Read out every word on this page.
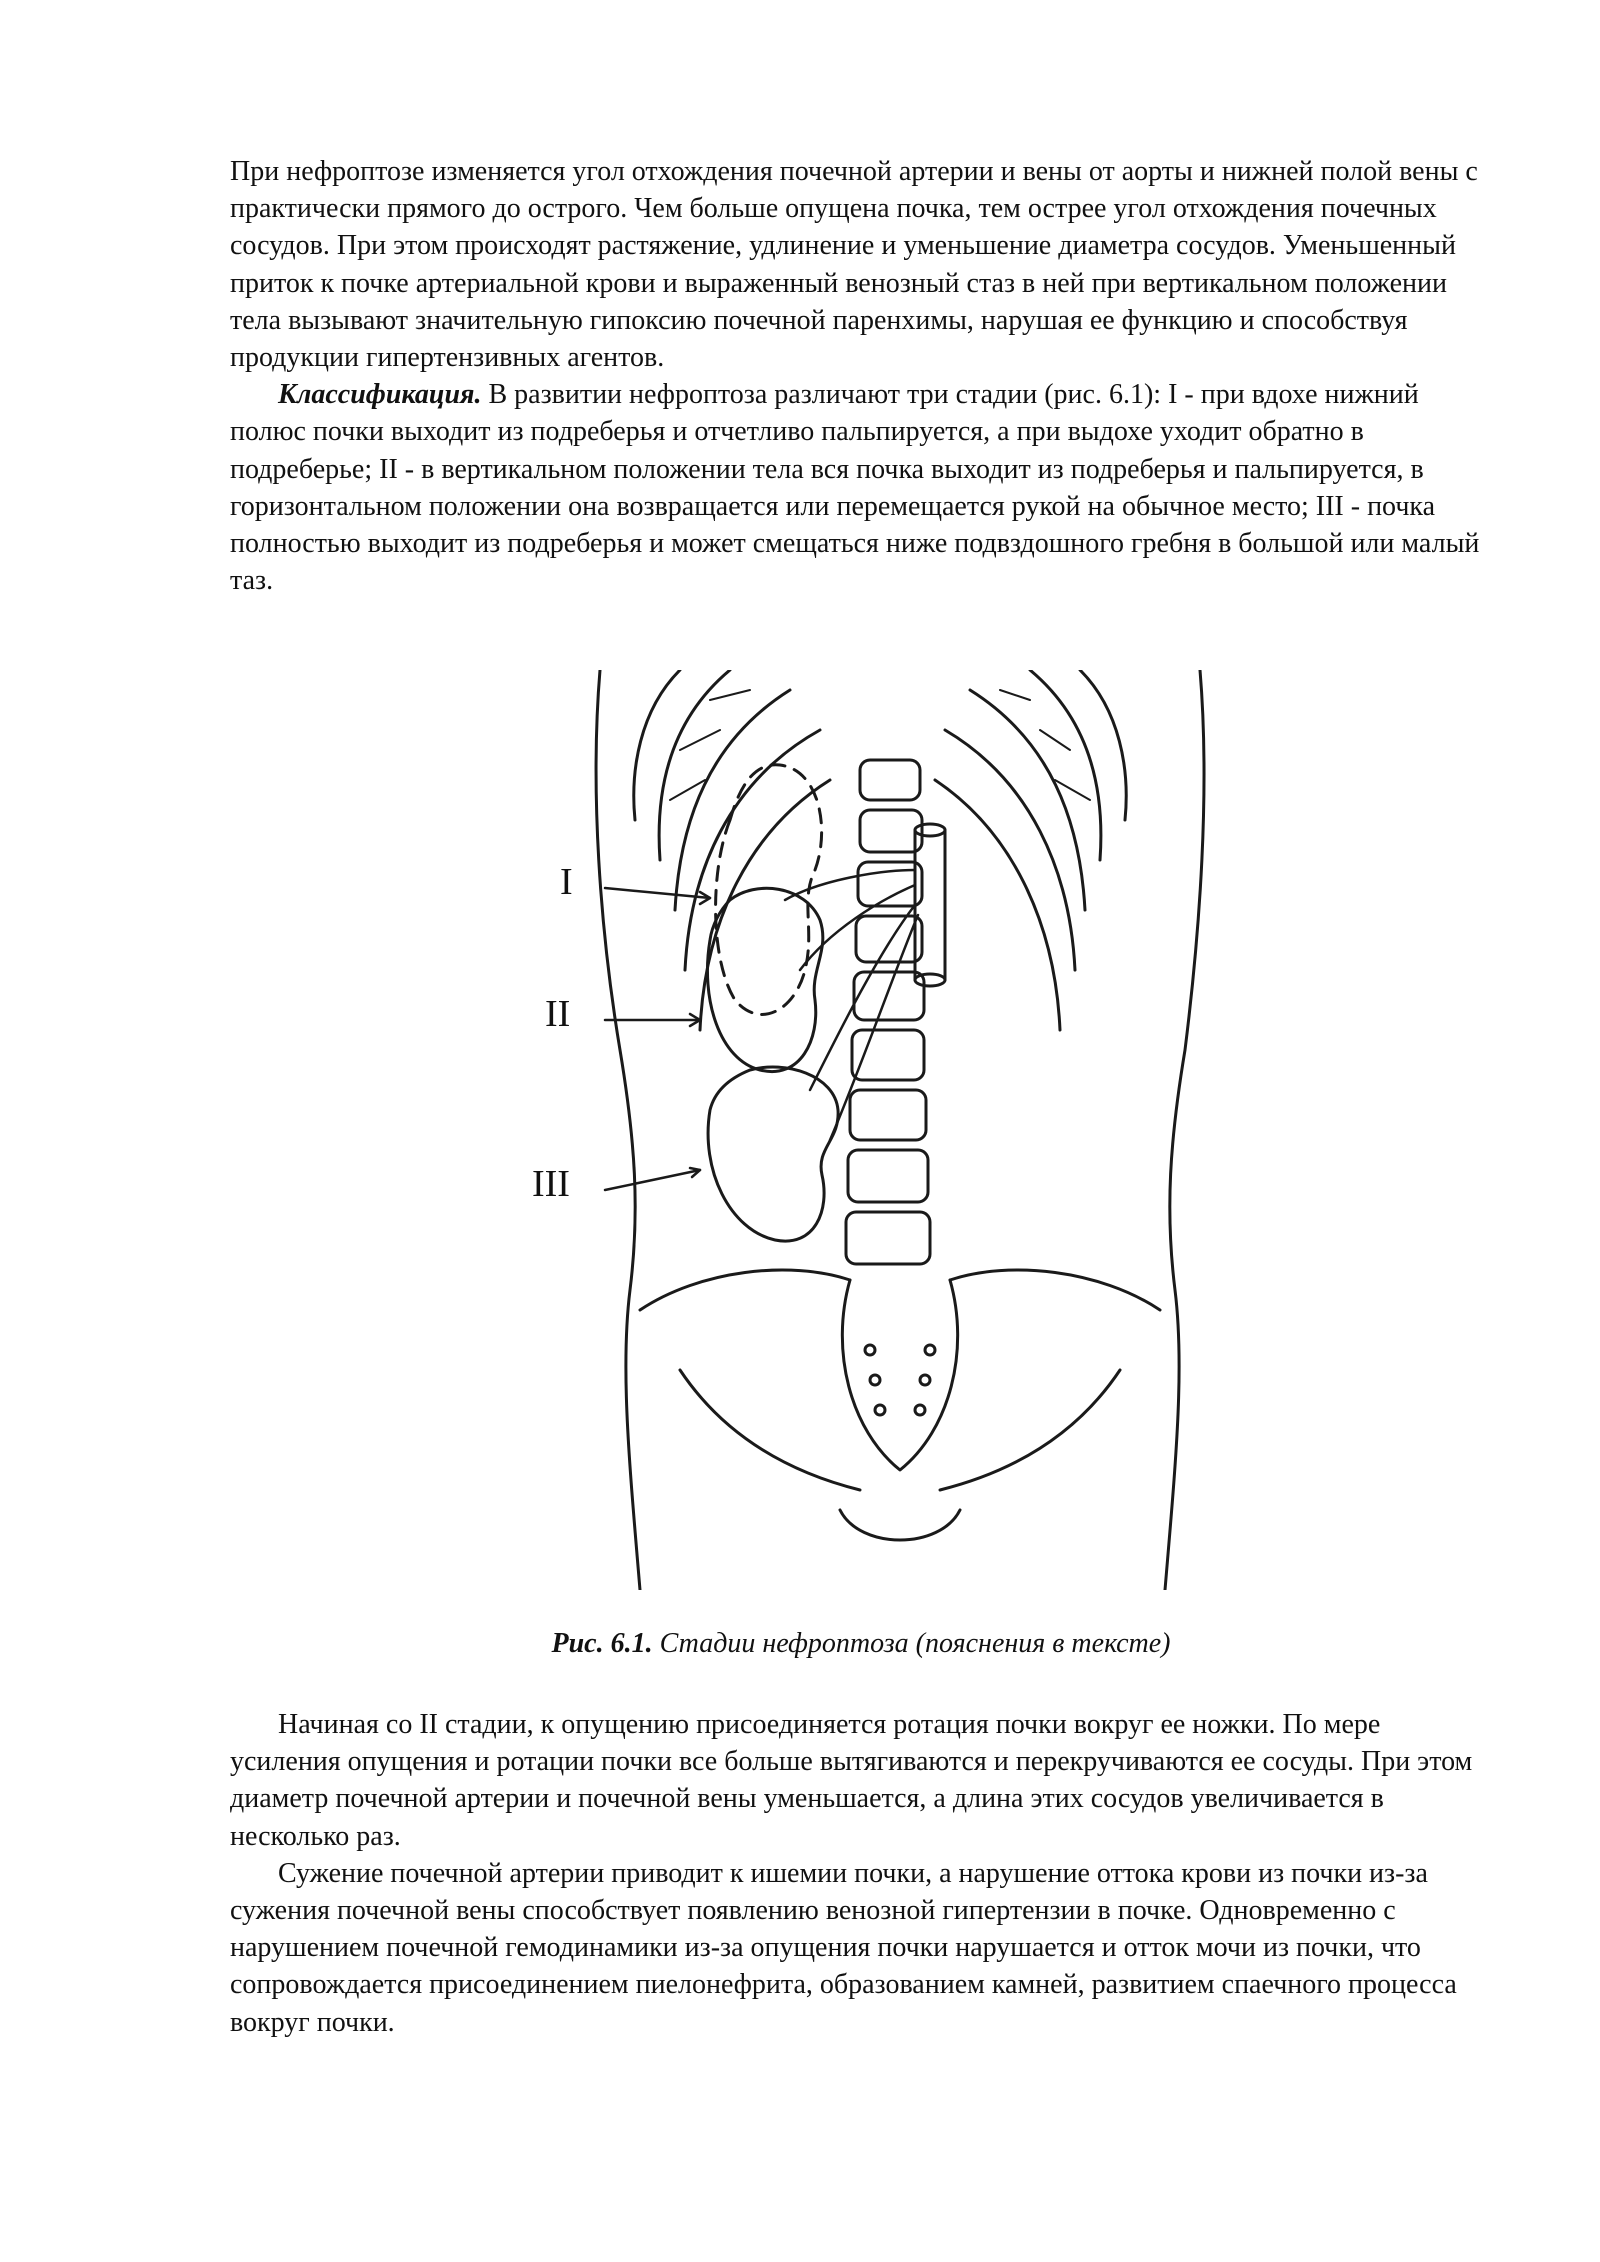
При нефроптозе изменяется угол отхождения почечной артерии и вены от аорты и нижней полой вены с практически прямого до острого. Чем больше опущена почка, тем острее угол отхождения почечных сосудов. При этом происходят растяжение, удлинение и уменьшение диаметра сосудов. Уменьшенный приток к почке артериальной крови и выраженный венозный стаз в ней при вертикальном положении тела вызывают значительную гипоксию почечной паренхимы, нарушая ее функцию и способствуя продукции гипертензивных агентов.

Классификация. В развитии нефроптоза различают три стадии (рис. 6.1): I - при вдохе нижний полюс почки выходит из подреберья и отчетливо пальпируется, а при выдохе уходит обратно в подреберье; II - в вертикальном положении тела вся почка выходит из подреберья и пальпируется, в горизонтальном положении она возвращается или перемещается рукой на обычное место; III - почка полностью выходит из подреберья и может смещаться ниже подвздошного гребня в большой или малый таз.

I
II
III
Рис. 6.1. Стадии нефроптоза (пояснения в тексте)

Начиная со II стадии, к опущению присоединяется ротация почки вокруг ее ножки. По мере усиления опущения и ротации почки все больше вытягиваются и перекручиваются ее сосуды. При этом диаметр почечной артерии и почечной вены уменьшается, а длина этих сосудов увеличивается в несколько раз.

Сужение почечной артерии приводит к ишемии почки, а нарушение оттока крови из почки из-за сужения почечной вены способствует появлению венозной гипертензии в почке. Одновременно с нарушением почечной гемодинамики из-за опущения почки нарушается и отток мочи из почки, что сопровождается присоединением пиелонефрита, образованием камней, развитием спаечного процесса вокруг почки.
